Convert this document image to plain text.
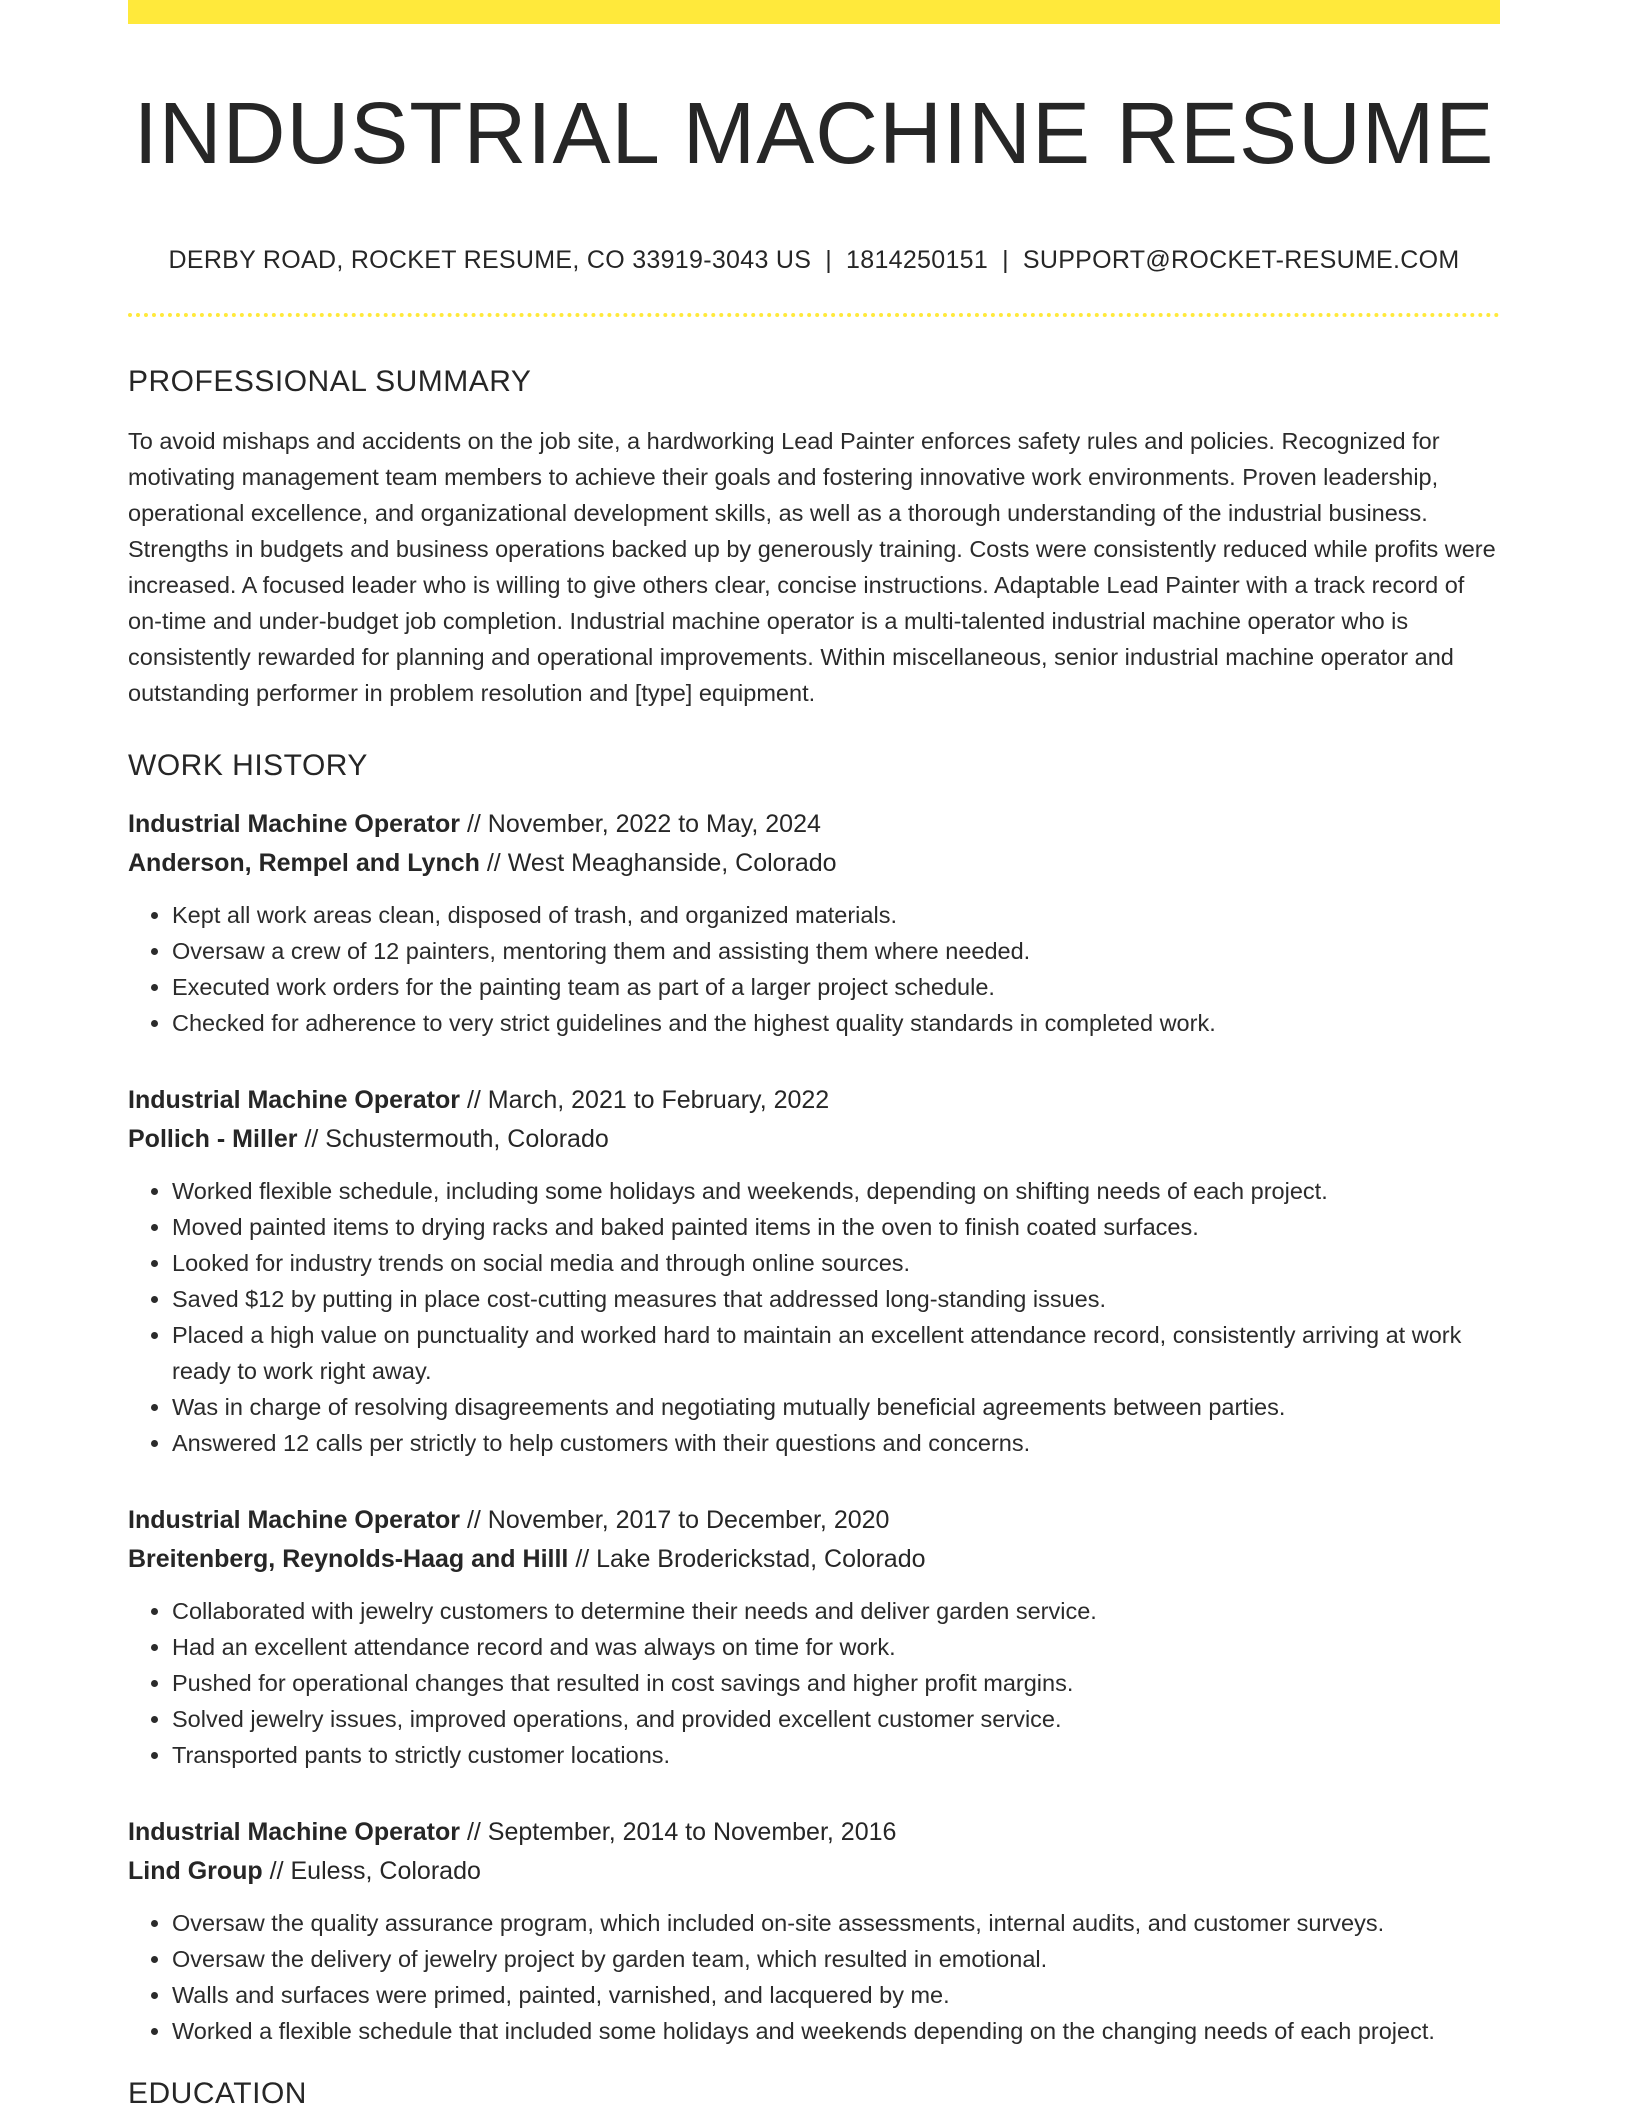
INDUSTRIAL MACHINE RESUME
DERBY ROAD, ROCKET RESUME, CO 33919-3043 US | 1814250151 | SUPPORT@ROCKET-RESUME.COM
PROFESSIONAL SUMMARY

To avoid mishaps and accidents on the job site, a hardworking Lead Painter enforces safety rules and policies. Recognized for motivating management team members to achieve their goals and fostering innovative work environments. Proven leadership, operational excellence, and organizational development skills, as well as a thorough understanding of the industrial business. Strengths in budgets and business operations backed up by generously training. Costs were consistently reduced while profits were increased. A focused leader who is willing to give others clear, concise instructions. Adaptable Lead Painter with a track record of on-time and under-budget job completion. Industrial machine operator is a multi-talented industrial machine operator who is consistently rewarded for planning and operational improvements. Within miscellaneous, senior industrial machine operator and outstanding performer in problem resolution and [type] equipment.

WORK HISTORY
Industrial Machine Operator // November, 2022 to May, 2024
Anderson, Rempel and Lynch // West Meaghanside, Colorado
• Kept all work areas clean, disposed of trash, and organized materials.
• Oversaw a crew of 12 painters, mentoring them and assisting them where needed.
• Executed work orders for the painting team as part of a larger project schedule.
• Checked for adherence to very strict guidelines and the highest quality standards in completed work.
Industrial Machine Operator // March, 2021 to February, 2022
Pollich - Miller // Schustermouth, Colorado
• Worked flexible schedule, including some holidays and weekends, depending on shifting needs of each project.
• Moved painted items to drying racks and baked painted items in the oven to finish coated surfaces.
• Looked for industry trends on social media and through online sources.
• Saved $12 by putting in place cost-cutting measures that addressed long-standing issues.
• Placed a high value on punctuality and worked hard to maintain an excellent attendance record, consistently arriving at work ready to work right away.
• Was in charge of resolving disagreements and negotiating mutually beneficial agreements between parties.
• Answered 12 calls per strictly to help customers with their questions and concerns.
Industrial Machine Operator // November, 2017 to December, 2020
Breitenberg, Reynolds-Haag and Hilll // Lake Broderickstad, Colorado
• Collaborated with jewelry customers to determine their needs and deliver garden service.
• Had an excellent attendance record and was always on time for work.
• Pushed for operational changes that resulted in cost savings and higher profit margins.
• Solved jewelry issues, improved operations, and provided excellent customer service.
• Transported pants to strictly customer locations.
Industrial Machine Operator // September, 2014 to November, 2016
Lind Group // Euless, Colorado
• Oversaw the quality assurance program, which included on-site assessments, internal audits, and customer surveys.
• Oversaw the delivery of jewelry project by garden team, which resulted in emotional.
• Walls and surfaces were primed, painted, varnished, and lacquered by me.
• Worked a flexible schedule that included some holidays and weekends depending on the changing needs of each project.
EDUCATION
